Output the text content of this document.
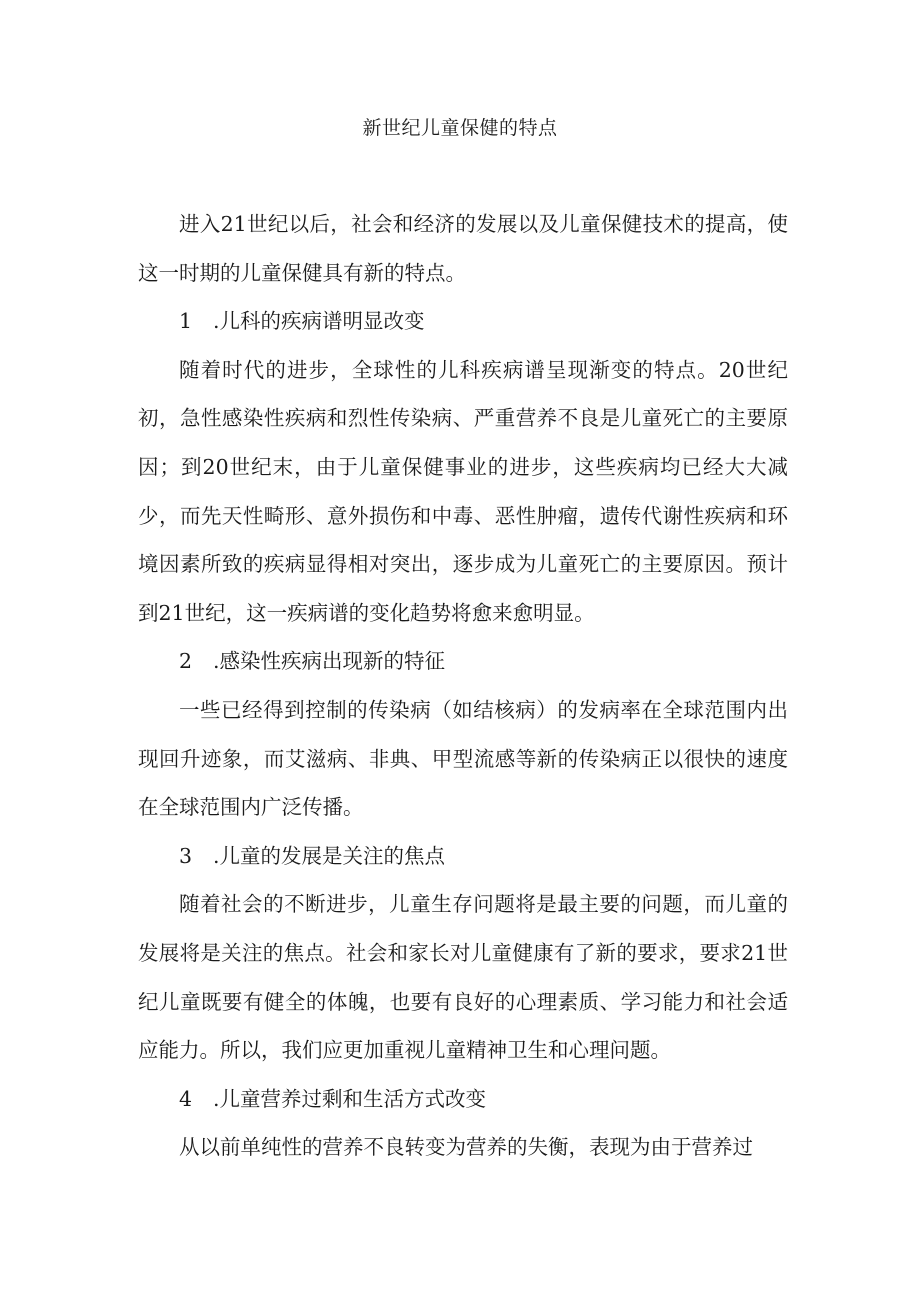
新世纪儿童保健的特点

进入21世纪以后，社会和经济的发展以及儿童保健技术的提高，使这一时期的儿童保健具有新的特点。

1 .儿科的疾病谱明显改变

随着时代的进步，全球性的儿科疾病谱呈现渐变的特点。20世纪初，急性感染性疾病和烈性传染病、严重营养不良是儿童死亡的主要原因；到20世纪末，由于儿童保健事业的进步，这些疾病均已经大大减少，而先天性畸形、意外损伤和中毒、恶性肿瘤，遗传代谢性疾病和环境因素所致的疾病显得相对突出，逐步成为儿童死亡的主要原因。预计到21世纪，这一疾病谱的变化趋势将愈来愈明显。

2 .感染性疾病出现新的特征

一些已经得到控制的传染病（如结核病）的发病率在全球范围内出现回升迹象，而艾滋病、非典、甲型流感等新的传染病正以很快的速度在全球范围内广泛传播。

3 .儿童的发展是关注的焦点

随着社会的不断进步，儿童生存问题将是最主要的问题，而儿童的发展将是关注的焦点。社会和家长对儿童健康有了新的要求，要求21世纪儿童既要有健全的体魄，也要有良好的心理素质、学习能力和社会适应能力。所以，我们应更加重视儿童精神卫生和心理问题。

4 .儿童营养过剩和生活方式改变

从以前单纯性的营养不良转变为营养的失衡，表现为由于营养过
